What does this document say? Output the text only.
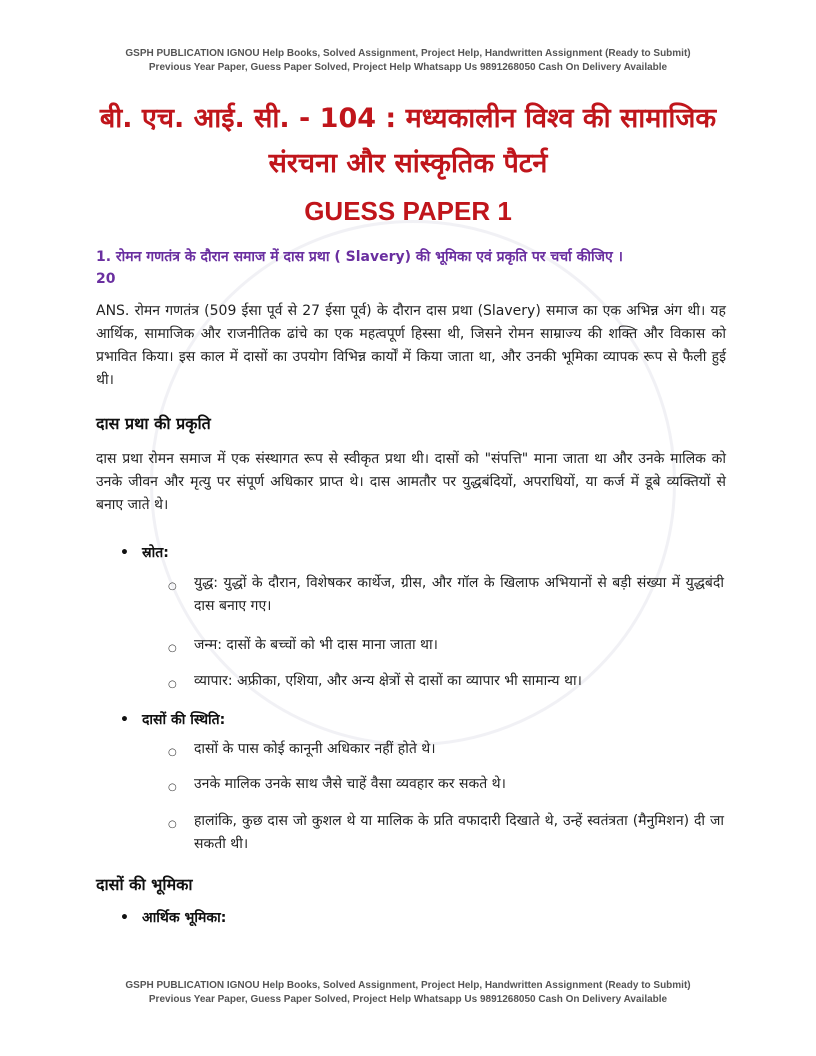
GSPH PUBLICATION IGNOU Help Books, Solved Assignment, Project Help, Handwritten Assignment (Ready to Submit)
Previous Year Paper, Guess Paper Solved, Project Help Whatsapp Us 9891268050 Cash On Delivery Available
बी. एच. आई. सी. - 104 : मध्यकालीन विश्व की सामाजिक
संरचना और सांस्कृतिक पैटर्न
GUESS PAPER 1
1. रोमन गणतंत्र के दौरान समाज में दास प्रथा ( Slavery) की भूमिका एवं प्रकृति पर चर्चा कीजिए ।
20
ANS. रोमन गणतंत्र (509 ईसा पूर्व से 27 ईसा पूर्व) के दौरान दास प्रथा (Slavery) समाज का एक अभिन्न अंग थी। यह आर्थिक, सामाजिक और राजनीतिक ढांचे का एक महत्वपूर्ण हिस्सा थी, जिसने रोमन साम्राज्य की शक्ति और विकास को प्रभावित किया। इस काल में दासों का उपयोग विभिन्न कार्यों में किया जाता था, और उनकी भूमिका व्यापक रूप से फैली हुई थी।
दास प्रथा की प्रकृति
दास प्रथा रोमन समाज में एक संस्थागत रूप से स्वीकृत प्रथा थी। दासों को "संपत्ति" माना जाता था और उनके मालिक को उनके जीवन और मृत्यु पर संपूर्ण अधिकार प्राप्त थे। दास आमतौर पर युद्धबंदियों, अपराधियों, या कर्ज में डूबे व्यक्तियों से बनाए जाते थे।
• स्रोत:
○ युद्ध: युद्धों के दौरान, विशेषकर कार्थेज, ग्रीस, और गॉल के खिलाफ अभियानों से बड़ी संख्या में युद्धबंदी दास बनाए गए।
○ जन्म: दासों के बच्चों को भी दास माना जाता था।
○ व्यापार: अफ्रीका, एशिया, और अन्य क्षेत्रों से दासों का व्यापार भी सामान्य था।
• दासों की स्थिति:
○ दासों के पास कोई कानूनी अधिकार नहीं होते थे।
○ उनके मालिक उनके साथ जैसे चाहें वैसा व्यवहार कर सकते थे।
○ हालांकि, कुछ दास जो कुशल थे या मालिक के प्रति वफादारी दिखाते थे, उन्हें स्वतंत्रता (मैनुमिशन) दी जा सकती थी।
दासों की भूमिका
• आर्थिक भूमिका:
GSPH PUBLICATION IGNOU Help Books, Solved Assignment, Project Help, Handwritten Assignment (Ready to Submit)
Previous Year Paper, Guess Paper Solved, Project Help Whatsapp Us 9891268050 Cash On Delivery Available
